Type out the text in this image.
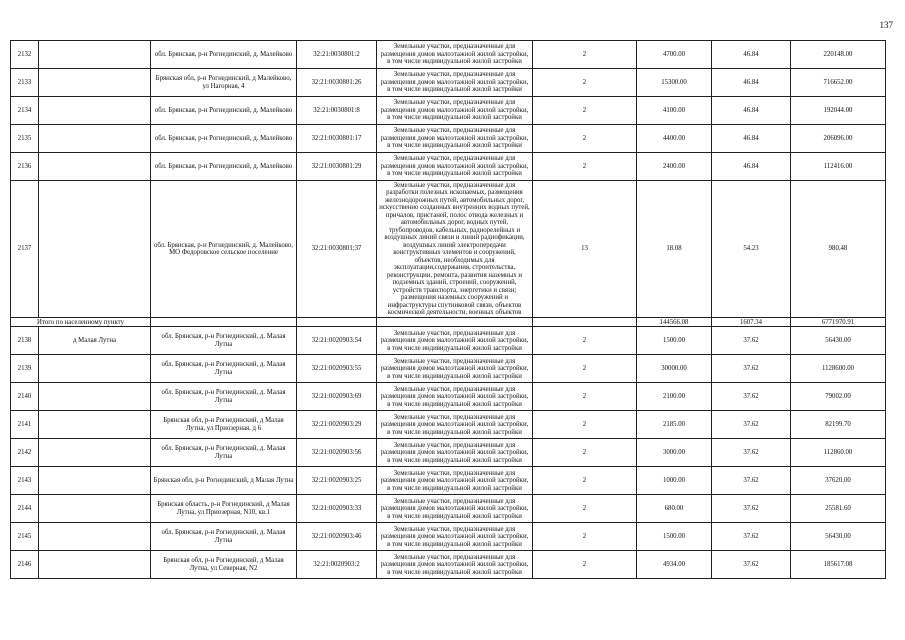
137
2132		обл. Брянская, р-н Рогнединский, д. Малейково	32:21:0030801:2	Земельные участки, предназначенные для размещения домов малоэтажной жилой застройки, в том числе индивидуальной жилой застройки	2	4700.00	46.84	220148.00
2133		Брянская обл, р-н Рогнединский, д Малейково, ул Нагорная, 4	32:21:0030801:26	Земельные участки, предназначенные для размещения домов малоэтажной жилой застройки, в том числе индивидуальной жилой застройки	2	15300.00	46.84	716652.00
2134		обл. Брянская, р-н Рогнединский, д. Малейково	32:21:0030801:8	Земельные участки, предназначенные для размещения домов малоэтажной жилой застройки, в том числе индивидуальной жилой застройки	2	4100.00	46.84	192044.00
2135		обл. Брянская, р-н Рогнединский, д. Малейково	32:21:0030801:17	Земельные участки, предназначенные для размещения домов малоэтажной жилой застройки, в том числе индивидуальной жилой застройки	2	4400.00	46.84	206096.00
2136		обл. Брянская, р-н Рогнединский, д. Малейково	32:21:0030801:29	Земельные участки, предназначенные для размещения домов малоэтажной жилой застройки, в том числе индивидуальной жилой застройки	2	2400.00	46.84	112416.00
2137		обл. Брянская, р-н Рогнединский, д. Малейково, МО Федоровское сельское поселение	32:21:0030801:37	Земельные участки, предназначенные для разработки полезных ископаемых, размещения железнодорожных путей, автомобильных дорог, искусственно созданных внутренних водных путей, причалов, пристаней, полос отвода железных и автомобильных дорог, водных путей, трубопроводов, кабельных, радиорелейных и воздушных линий связи и линий радиофикации, воздушных линий электропередачи конструктивных элементов и сооружений, объектов, необходимых для эксплуатации,содержания, строительства, реконструкции, ремонта, развития наземных и подземных зданий, строений, сооружений, устройств транспорта, энергетики и связи; размещения наземных сооружений и инфраструктуры спутниковой связи, объектов космической деятельности, военных объектов	13	18.08	54.23	980.48
Итого по населенному пункту						144566.08	1607.34	6771970.91
2138	д Малая Лутна	обл. Брянская, р-н Рогнединский, д. Малая Лутна	32:21:0020903:54	Земельные участки, предназначенные для размещения домов малоэтажной жилой застройки, в том числе индивидуальной жилой застройки	2	1500.00	37.62	56430.00
2139		обл. Брянская, р-н Рогнединский, д. Малая Лутна	32:21:0020903:55	Земельные участки, предназначенные для размещения домов малоэтажной жилой застройки, в том числе индивидуальной жилой застройки	2	30000.00	37.62	1128600.00
2140		обл. Брянская, р-н Рогнединский, д. Малая Лутна	32:21:0020903:69	Земельные участки, предназначенные для размещения домов малоэтажной жилой застройки, в том числе индивидуальной жилой застройки	2	2100.00	37.62	79002.00
2141		Брянская обл, р-н Рогнединский, д Малая Лутна, ул Приозерная, д 6	32:21:0020903:29	Земельные участки, предназначенные для размещения домов малоэтажной жилой застройки, в том числе индивидуальной жилой застройки	2	2185.00	37.62	82199.70
2142		обл. Брянская, р-н Рогнединский, д. Малая Лутна	32:21:0020903:56	Земельные участки, предназначенные для размещения домов малоэтажной жилой застройки, в том числе индивидуальной жилой застройки	2	3000.00	37.62	112860.00
2143		Брянская обл, р-н Рогнединский, д Малая Лутна	32:21:0020903:25	Земельные участки, предназначенные для размещения домов малоэтажной жилой застройки, в том числе индивидуальной жилой застройки	2	1000.00	37.62	37620.00
2144		Брянская область, р-н Рогнединский, д Малая Лутна, ул Приозерная, N10, кв.1	32:21:0020903:33	Земельные участки, предназначенные для размещения домов малоэтажной жилой застройки, в том числе индивидуальной жилой застройки	2	680.00	37.62	25581.60
2145		обл. Брянская, р-н Рогнединский, д. Малая Лутна	32:21:0020903:46	Земельные участки, предназначенные для размещения домов малоэтажной жилой застройки, в том числе индивидуальной жилой застройки	2	1500.00	37.62	56430.00
2146		Брянская обл, р-н Рогнединский, д Малая Лутна, ул Северная, N2	32:21:0020903:2	Земельные участки, предназначенные для размещения домов малоэтажной жилой застройки, в том числе индивидуальной жилой застройки	2	4934.00	37.62	185617.08
